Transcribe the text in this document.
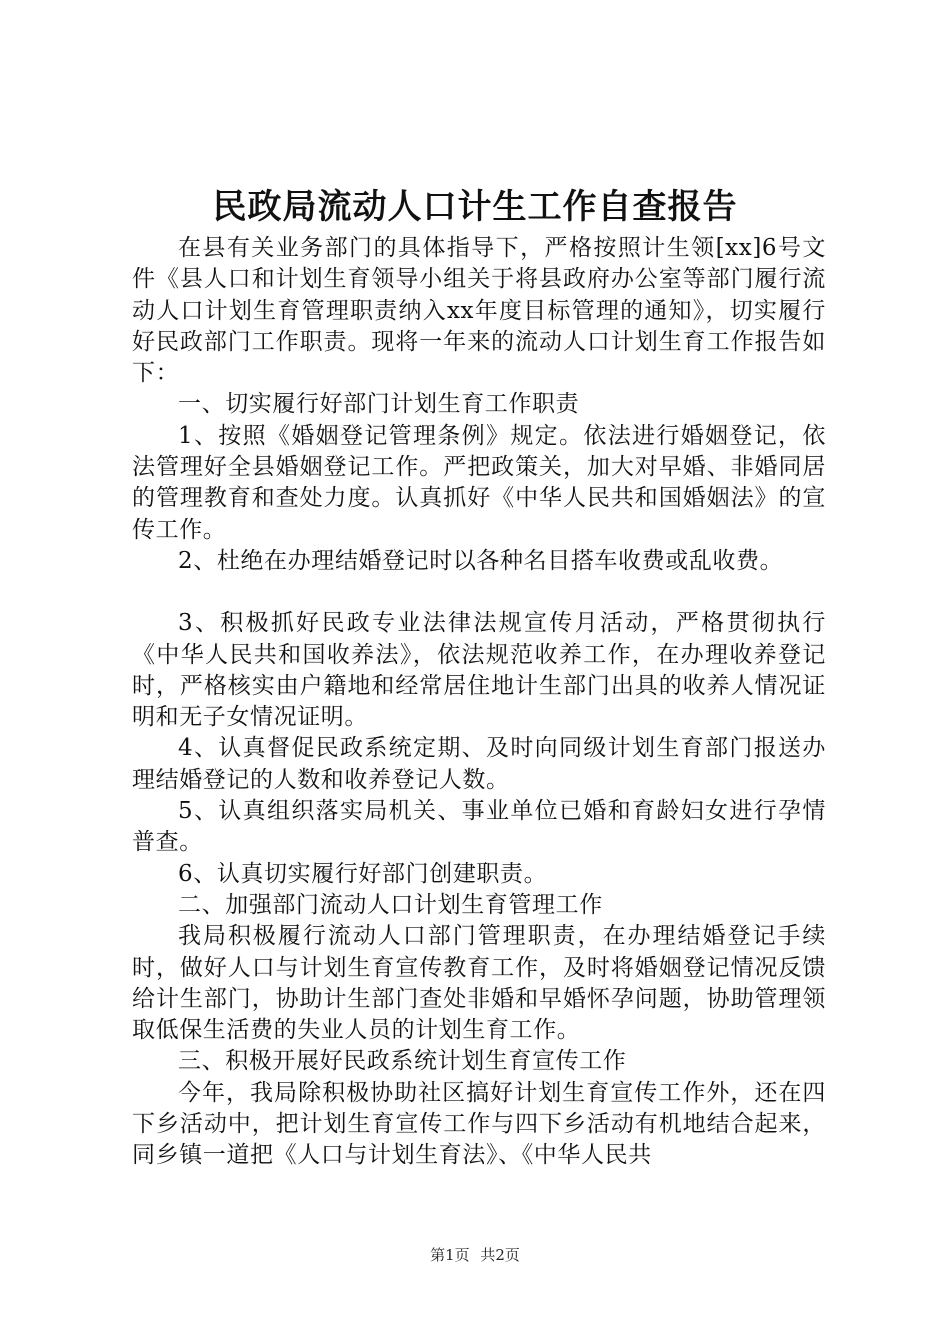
民政局流动人口计生工作自查报告

在县有关业务部门的具体指导下，严格按照计生领[xx]6号文件《县人口和计划生育领导小组关于将县政府办公室等部门履行流动人口计划生育管理职责纳入xx年度目标管理的通知》，切实履行好民政部门工作职责。现将一年来的流动人口计划生育工作报告如下：

一、切实履行好部门计划生育工作职责

1、按照《婚姻登记管理条例》规定。依法进行婚姻登记，依法管理好全县婚姻登记工作。严把政策关，加大对早婚、非婚同居的管理教育和查处力度。认真抓好《中华人民共和国婚姻法》的宣传工作。

2、杜绝在办理结婚登记时以各种名目搭车收费或乱收费。

3、积极抓好民政专业法律法规宣传月活动，严格贯彻执行《中华人民共和国收养法》，依法规范收养工作，在办理收养登记时，严格核实由户籍地和经常居住地计生部门出具的收养人情况证明和无子女情况证明。

4、认真督促民政系统定期、及时向同级计划生育部门报送办理结婚登记的人数和收养登记人数。

5、认真组织落实局机关、事业单位已婚和育龄妇女进行孕情普查。

6、认真切实履行好部门创建职责。

二、加强部门流动人口计划生育管理工作

我局积极履行流动人口部门管理职责，在办理结婚登记手续时，做好人口与计划生育宣传教育工作，及时将婚姻登记情况反馈给计生部门，协助计生部门查处非婚和早婚怀孕问题，协助管理领取低保生活费的失业人员的计划生育工作。

三、积极开展好民政系统计划生育宣传工作

今年，我局除积极协助社区搞好计划生育宣传工作外，还在四下乡活动中，把计划生育宣传工作与四下乡活动有机地结合起来，同乡镇一道把《人口与计划生育法》、《中华人民共

第1页 共2页
